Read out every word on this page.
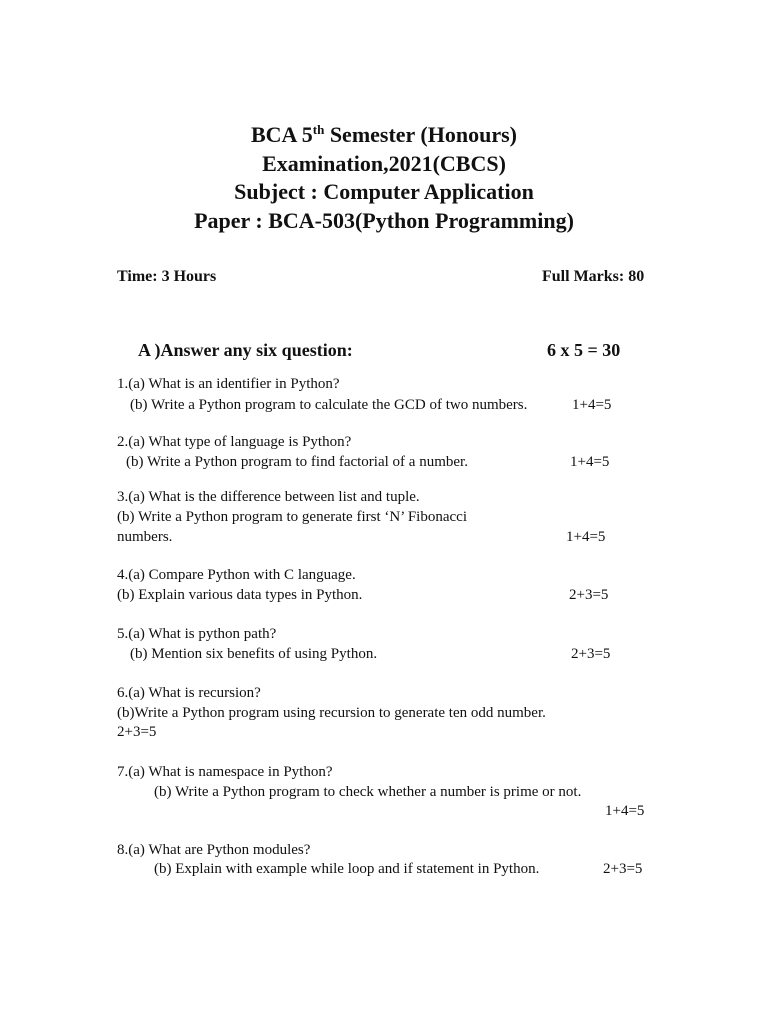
BCA 5th Semester (Honours)
Examination,2021(CBCS)
Subject : Computer Application
Paper : BCA-503(Python Programming)
Time: 3 Hours	Full Marks: 80
A )Answer any six question:	6 x 5 = 30
1.(a) What is an identifier in Python?
(b) Write a Python program to calculate the GCD of two numbers.	1+4=5
2.(a) What type of language is Python?
(b) Write a Python program to find factorial of a number.	1+4=5
3.(a) What is the difference between list and tuple.
(b) Write a Python program to generate first ‘N’ Fibonacci
numbers.	1+4=5
4.(a) Compare Python with C language.
(b) Explain various data types in Python.	2+3=5
5.(a) What is python path?
(b) Mention six benefits of using Python.	2+3=5
6.(a) What is recursion?
(b)Write a Python program using recursion to generate ten odd number.
2+3=5
7.(a) What is namespace in Python?
(b) Write a Python program to check whether a number is prime or not.
1+4=5
8.(a) What are Python modules?
(b) Explain with example while loop and if statement in Python.	2+3=5
